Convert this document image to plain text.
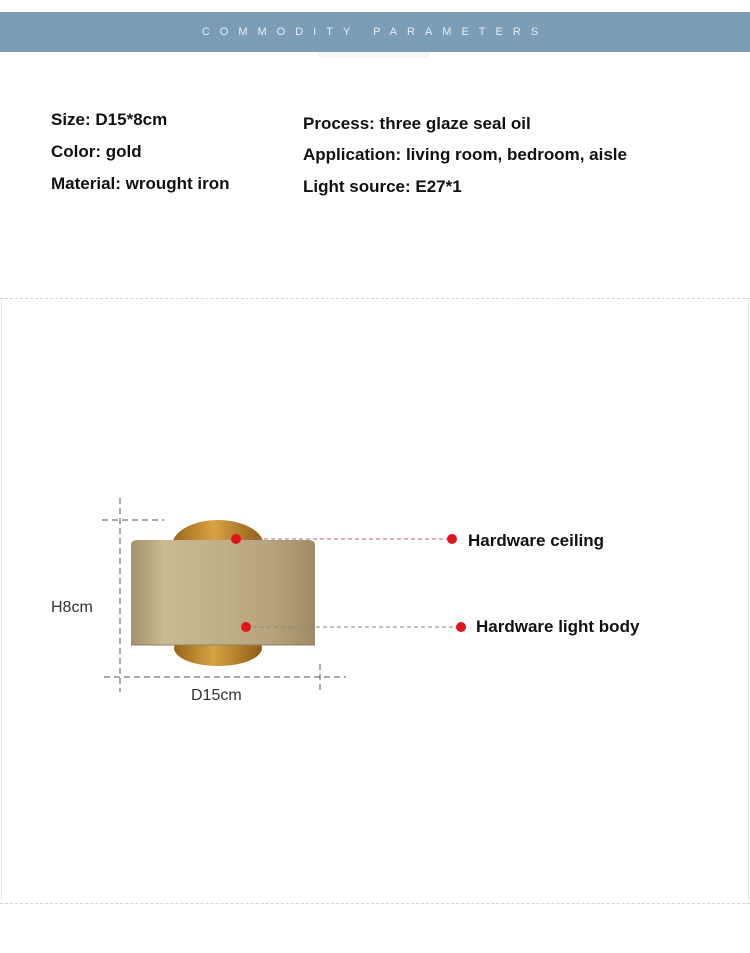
COMMODITY PARAMETERS
Size: D15*8cm
Color: gold
Material: wrought iron
Process: three glaze seal oil
Application: living room, bedroom, aisle
Light source: E27*1
H8cm
D15cm
Hardware ceiling
Hardware light body
